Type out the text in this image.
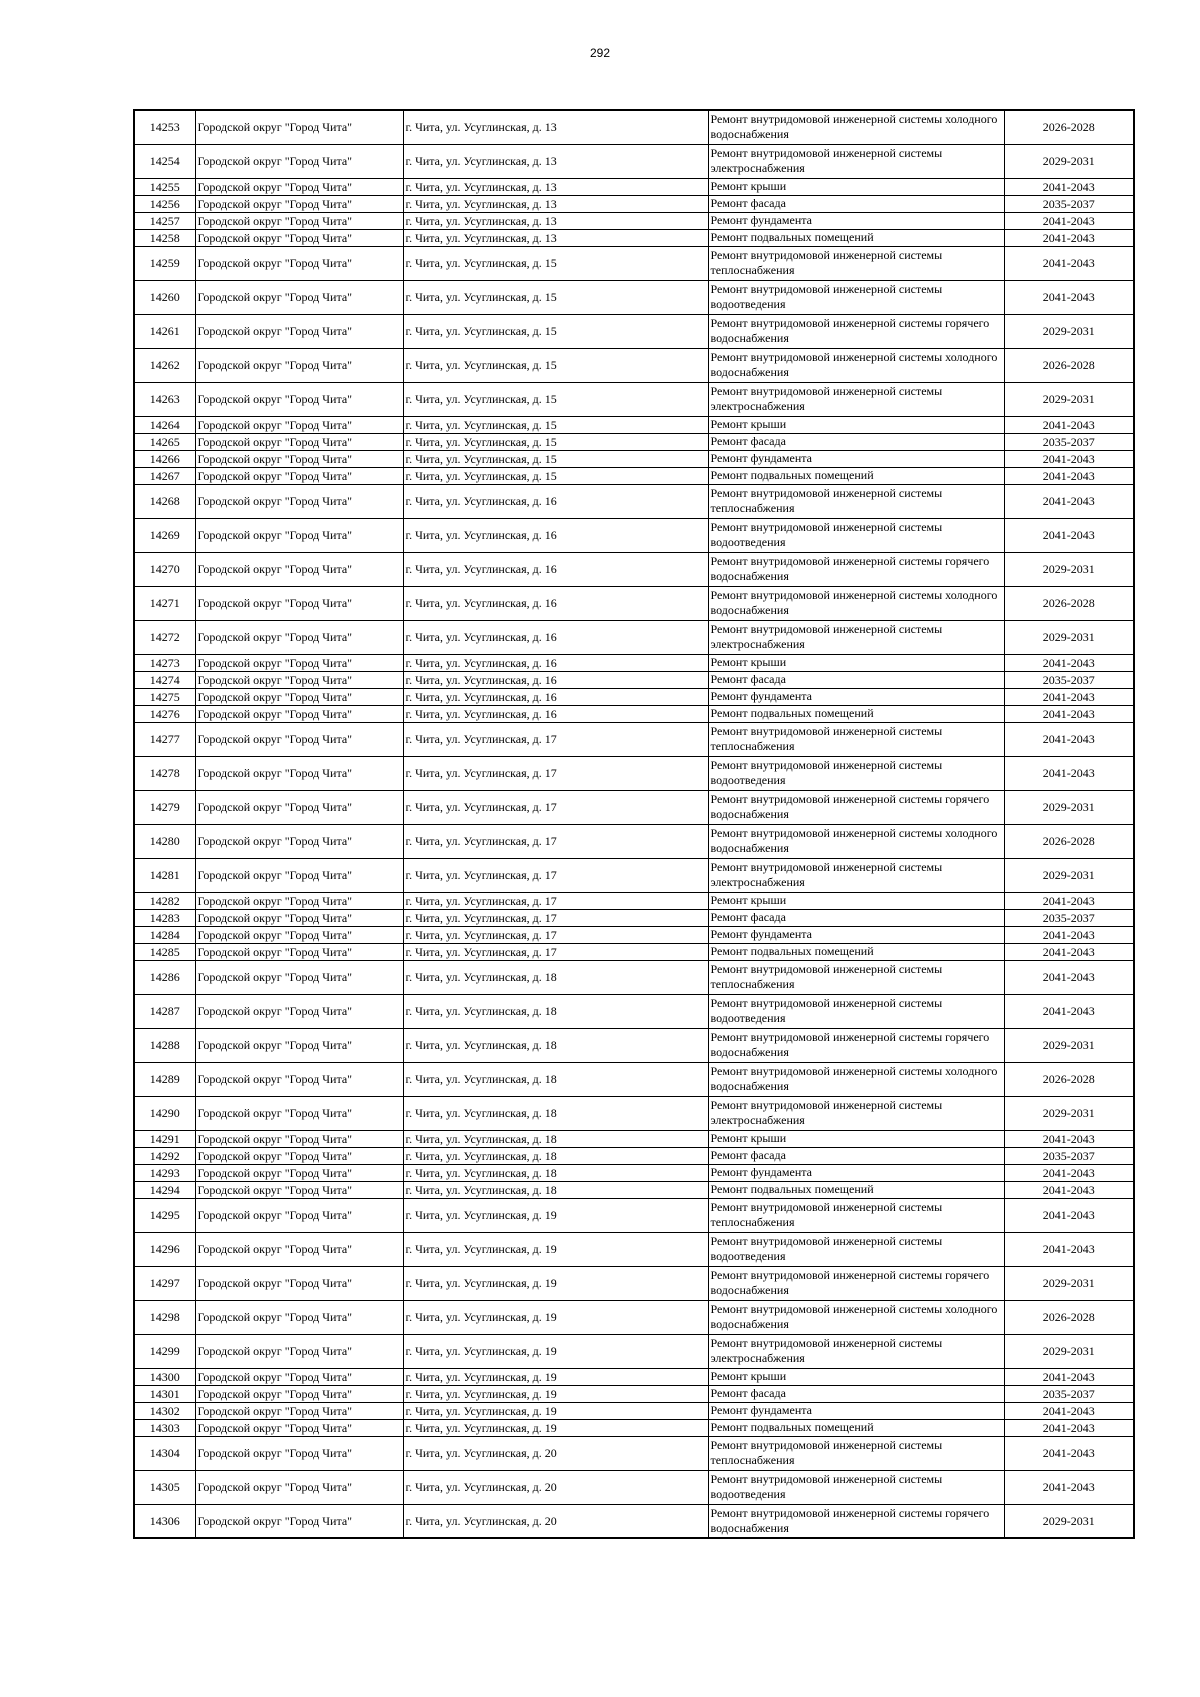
292
14253	Городской округ "Город Чита"	г. Чита, ул. Усуглинская, д. 13	Ремонт внутридомовой инженерной системы холодного водоснабжения	2026-2028
14254	Городской округ "Город Чита"	г. Чита, ул. Усуглинская, д. 13	Ремонт внутридомовой инженерной системы электроснабжения	2029-2031
14255	Городской округ "Город Чита"	г. Чита, ул. Усуглинская, д. 13	Ремонт крыши	2041-2043
14256	Городской округ "Город Чита"	г. Чита, ул. Усуглинская, д. 13	Ремонт фасада	2035-2037
14257	Городской округ "Город Чита"	г. Чита, ул. Усуглинская, д. 13	Ремонт фундамента	2041-2043
14258	Городской округ "Город Чита"	г. Чита, ул. Усуглинская, д. 13	Ремонт подвальных помещений	2041-2043
14259	Городской округ "Город Чита"	г. Чита, ул. Усуглинская, д. 15	Ремонт внутридомовой инженерной системы теплоснабжения	2041-2043
14260	Городской округ "Город Чита"	г. Чита, ул. Усуглинская, д. 15	Ремонт внутридомовой инженерной системы водоотведения	2041-2043
14261	Городской округ "Город Чита"	г. Чита, ул. Усуглинская, д. 15	Ремонт внутридомовой инженерной системы горячего водоснабжения	2029-2031
14262	Городской округ "Город Чита"	г. Чита, ул. Усуглинская, д. 15	Ремонт внутридомовой инженерной системы холодного водоснабжения	2026-2028
14263	Городской округ "Город Чита"	г. Чита, ул. Усуглинская, д. 15	Ремонт внутридомовой инженерной системы электроснабжения	2029-2031
14264	Городской округ "Город Чита"	г. Чита, ул. Усуглинская, д. 15	Ремонт крыши	2041-2043
14265	Городской округ "Город Чита"	г. Чита, ул. Усуглинская, д. 15	Ремонт фасада	2035-2037
14266	Городской округ "Город Чита"	г. Чита, ул. Усуглинская, д. 15	Ремонт фундамента	2041-2043
14267	Городской округ "Город Чита"	г. Чита, ул. Усуглинская, д. 15	Ремонт подвальных помещений	2041-2043
14268	Городской округ "Город Чита"	г. Чита, ул. Усуглинская, д. 16	Ремонт внутридомовой инженерной системы теплоснабжения	2041-2043
14269	Городской округ "Город Чита"	г. Чита, ул. Усуглинская, д. 16	Ремонт внутридомовой инженерной системы водоотведения	2041-2043
14270	Городской округ "Город Чита"	г. Чита, ул. Усуглинская, д. 16	Ремонт внутридомовой инженерной системы горячего водоснабжения	2029-2031
14271	Городской округ "Город Чита"	г. Чита, ул. Усуглинская, д. 16	Ремонт внутридомовой инженерной системы холодного водоснабжения	2026-2028
14272	Городской округ "Город Чита"	г. Чита, ул. Усуглинская, д. 16	Ремонт внутридомовой инженерной системы электроснабжения	2029-2031
14273	Городской округ "Город Чита"	г. Чита, ул. Усуглинская, д. 16	Ремонт крыши	2041-2043
14274	Городской округ "Город Чита"	г. Чита, ул. Усуглинская, д. 16	Ремонт фасада	2035-2037
14275	Городской округ "Город Чита"	г. Чита, ул. Усуглинская, д. 16	Ремонт фундамента	2041-2043
14276	Городской округ "Город Чита"	г. Чита, ул. Усуглинская, д. 16	Ремонт подвальных помещений	2041-2043
14277	Городской округ "Город Чита"	г. Чита, ул. Усуглинская, д. 17	Ремонт внутридомовой инженерной системы теплоснабжения	2041-2043
14278	Городской округ "Город Чита"	г. Чита, ул. Усуглинская, д. 17	Ремонт внутридомовой инженерной системы водоотведения	2041-2043
14279	Городской округ "Город Чита"	г. Чита, ул. Усуглинская, д. 17	Ремонт внутридомовой инженерной системы горячего водоснабжения	2029-2031
14280	Городской округ "Город Чита"	г. Чита, ул. Усуглинская, д. 17	Ремонт внутридомовой инженерной системы холодного водоснабжения	2026-2028
14281	Городской округ "Город Чита"	г. Чита, ул. Усуглинская, д. 17	Ремонт внутридомовой инженерной системы электроснабжения	2029-2031
14282	Городской округ "Город Чита"	г. Чита, ул. Усуглинская, д. 17	Ремонт крыши	2041-2043
14283	Городской округ "Город Чита"	г. Чита, ул. Усуглинская, д. 17	Ремонт фасада	2035-2037
14284	Городской округ "Город Чита"	г. Чита, ул. Усуглинская, д. 17	Ремонт фундамента	2041-2043
14285	Городской округ "Город Чита"	г. Чита, ул. Усуглинская, д. 17	Ремонт подвальных помещений	2041-2043
14286	Городской округ "Город Чита"	г. Чита, ул. Усуглинская, д. 18	Ремонт внутридомовой инженерной системы теплоснабжения	2041-2043
14287	Городской округ "Город Чита"	г. Чита, ул. Усуглинская, д. 18	Ремонт внутридомовой инженерной системы водоотведения	2041-2043
14288	Городской округ "Город Чита"	г. Чита, ул. Усуглинская, д. 18	Ремонт внутридомовой инженерной системы горячего водоснабжения	2029-2031
14289	Городской округ "Город Чита"	г. Чита, ул. Усуглинская, д. 18	Ремонт внутридомовой инженерной системы холодного водоснабжения	2026-2028
14290	Городской округ "Город Чита"	г. Чита, ул. Усуглинская, д. 18	Ремонт внутридомовой инженерной системы электроснабжения	2029-2031
14291	Городской округ "Город Чита"	г. Чита, ул. Усуглинская, д. 18	Ремонт крыши	2041-2043
14292	Городской округ "Город Чита"	г. Чита, ул. Усуглинская, д. 18	Ремонт фасада	2035-2037
14293	Городской округ "Город Чита"	г. Чита, ул. Усуглинская, д. 18	Ремонт фундамента	2041-2043
14294	Городской округ "Город Чита"	г. Чита, ул. Усуглинская, д. 18	Ремонт подвальных помещений	2041-2043
14295	Городской округ "Город Чита"	г. Чита, ул. Усуглинская, д. 19	Ремонт внутридомовой инженерной системы теплоснабжения	2041-2043
14296	Городской округ "Город Чита"	г. Чита, ул. Усуглинская, д. 19	Ремонт внутридомовой инженерной системы водоотведения	2041-2043
14297	Городской округ "Город Чита"	г. Чита, ул. Усуглинская, д. 19	Ремонт внутридомовой инженерной системы горячего водоснабжения	2029-2031
14298	Городской округ "Город Чита"	г. Чита, ул. Усуглинская, д. 19	Ремонт внутридомовой инженерной системы холодного водоснабжения	2026-2028
14299	Городской округ "Город Чита"	г. Чита, ул. Усуглинская, д. 19	Ремонт внутридомовой инженерной системы электроснабжения	2029-2031
14300	Городской округ "Город Чита"	г. Чита, ул. Усуглинская, д. 19	Ремонт крыши	2041-2043
14301	Городской округ "Город Чита"	г. Чита, ул. Усуглинская, д. 19	Ремонт фасада	2035-2037
14302	Городской округ "Город Чита"	г. Чита, ул. Усуглинская, д. 19	Ремонт фундамента	2041-2043
14303	Городской округ "Город Чита"	г. Чита, ул. Усуглинская, д. 19	Ремонт подвальных помещений	2041-2043
14304	Городской округ "Город Чита"	г. Чита, ул. Усуглинская, д. 20	Ремонт внутридомовой инженерной системы теплоснабжения	2041-2043
14305	Городской округ "Город Чита"	г. Чита, ул. Усуглинская, д. 20	Ремонт внутридомовой инженерной системы водоотведения	2041-2043
14306	Городской округ "Город Чита"	г. Чита, ул. Усуглинская, д. 20	Ремонт внутридомовой инженерной системы горячего водоснабжения	2029-2031
